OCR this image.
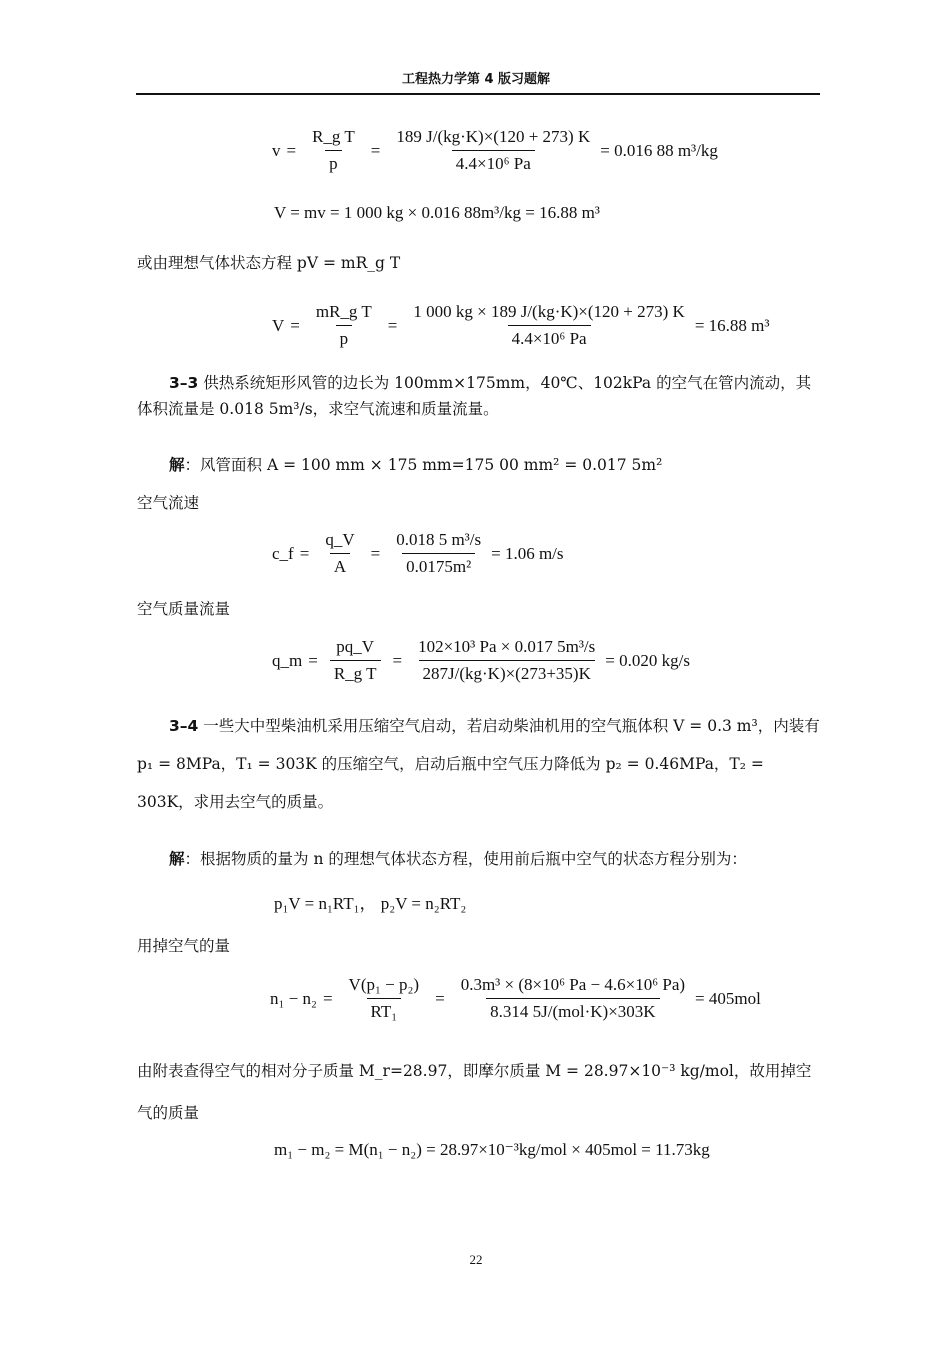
工程热力学第 4 版习题解
$v = \frac{\text{R\_g T}}{p} = \frac{189 J/(kg\cdot K)\times(120 + 273) K}{\text{4.4×10⁶ Pa}} = 0.016$ 88 m³/kg
V = mv = 1 000 kg × 0.016 88m³/kg = 16.88 m³
或由理想气体状态方程 pV = mR_g T
$V = \frac{\text{mR\_g T}}{p} = \frac{1 000 kg \times 189 J/(kg\cdot K)\times(120 + 273) K}{\text{4.4×10⁶ Pa}} = 16.88$ m³
3–3 供热系统矩形风管的边长为 100mm×175mm，40℃、102kPa 的空气在管内流动，其体积流量是 0.018 5m³/s，求空气流速和质量流量。
解：风管面积 A = 100 mm × 175 mm=175 00 mm² = 0.017 5m²
空气流速
c_f = $\frac{q\_V}{A} = \frac{\text{0.018 5 m³/s}}{\text{0.0175m²}} = 1.06$ m/s
空气质量流量
q_m = $\frac{pq\_V}{\text{R\_g T}} = \frac{\text{102×10³ Pa × 0.017 5m³/s}}{287J/(kg\cdot K)\times(273+35)K} = 0.020$ kg/s
3–4 一些大中型柴油机采用压缩空气启动，若启动柴油机用的空气瓶体积 V = 0.3 m³，内装有 p₁ = 8MPa，T₁ = 303K 的压缩空气，启动后瓶中空气压力降低为 p₂ = 0.46MPa，T₂ = 303K，求用去空气的质量。
解：根据物质的量为 n 的理想气体状态方程，使用前后瓶中空气的状态方程分别为：
p₁V = n₁RT₁， p₂V = n₂RT₂
用掉空气的量
$n_1 - n_2 = \frac{\text{V(p₁ − p₂)}}{\text{RT₁}} = \frac{\text{0.3m³ × (8×10⁶ Pa − 4.6×10⁶ Pa)}}{\text{8.314 5J/(mol·K)×303K}} = 405mol$
由附表查得空气的相对分子质量 M_r=28.97，即摩尔质量 M = 28.97×10⁻³ kg/mol，故用掉空气的质量
m₁ − m₂ = M(n₁ − n₂) = 28.97×10⁻³kg/mol × 405mol = 11.73kg
22
